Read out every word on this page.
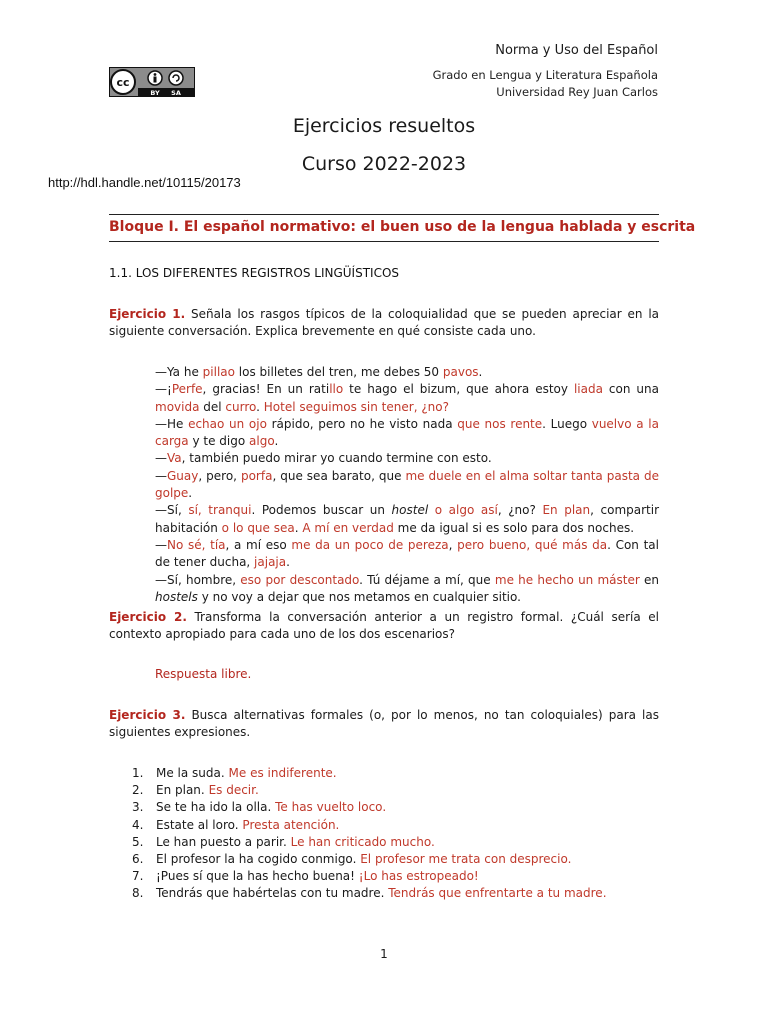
Norma y Uso del Español
Grado en Lengua y Literatura Española
Universidad Rey Juan Carlos
cc
BY SA
Ejercicios resueltos
Curso 2022-2023
http://hdl.handle.net/10115/20173
Bloque I. El español normativo: el buen uso de la lengua hablada y escrita
1.1. LOS DIFERENTES REGISTROS LINGÜÍSTICOS
Ejercicio 1. Señala los rasgos típicos de la coloquialidad que se pueden apreciar en la siguiente conversación. Explica brevemente en qué consiste cada uno.
—Ya he pillao los billetes del tren, me debes 50 pavos.
—¡Perfe, gracias! En un ratillo te hago el bizum, que ahora estoy liada con una movida del curro. Hotel seguimos sin tener, ¿no?
—He echao un ojo rápido, pero no he visto nada que nos rente. Luego vuelvo a la carga y te digo algo.
—Va, también puedo mirar yo cuando termine con esto.
—Guay, pero, porfa, que sea barato, que me duele en el alma soltar tanta pasta de golpe.
—Sí, sí, tranqui. Podemos buscar un hostel o algo así, ¿no? En plan, compartir habitación o lo que sea. A mí en verdad me da igual si es solo para dos noches.
—No sé, tía, a mí eso me da un poco de pereza, pero bueno, qué más da. Con tal de tener ducha, jajaja.
—Sí, hombre, eso por descontado. Tú déjame a mí, que me he hecho un máster en hostels y no voy a dejar que nos metamos en cualquier sitio.
Ejercicio 2. Transforma la conversación anterior a un registro formal. ¿Cuál sería el contexto apropiado para cada uno de los dos escenarios?
Respuesta libre.
Ejercicio 3. Busca alternativas formales (o, por lo menos, no tan coloquiales) para las siguientes expresiones.
1. Me la suda. Me es indiferente.
2. En plan. Es decir.
3. Se te ha ido la olla. Te has vuelto loco.
4. Estate al loro. Presta atención.
5. Le han puesto a parir. Le han criticado mucho.
6. El profesor la ha cogido conmigo. El profesor me trata con desprecio.
7. ¡Pues sí que la has hecho buena! ¡Lo has estropeado!
8. Tendrás que habértelas con tu madre. Tendrás que enfrentarte a tu madre.
1
